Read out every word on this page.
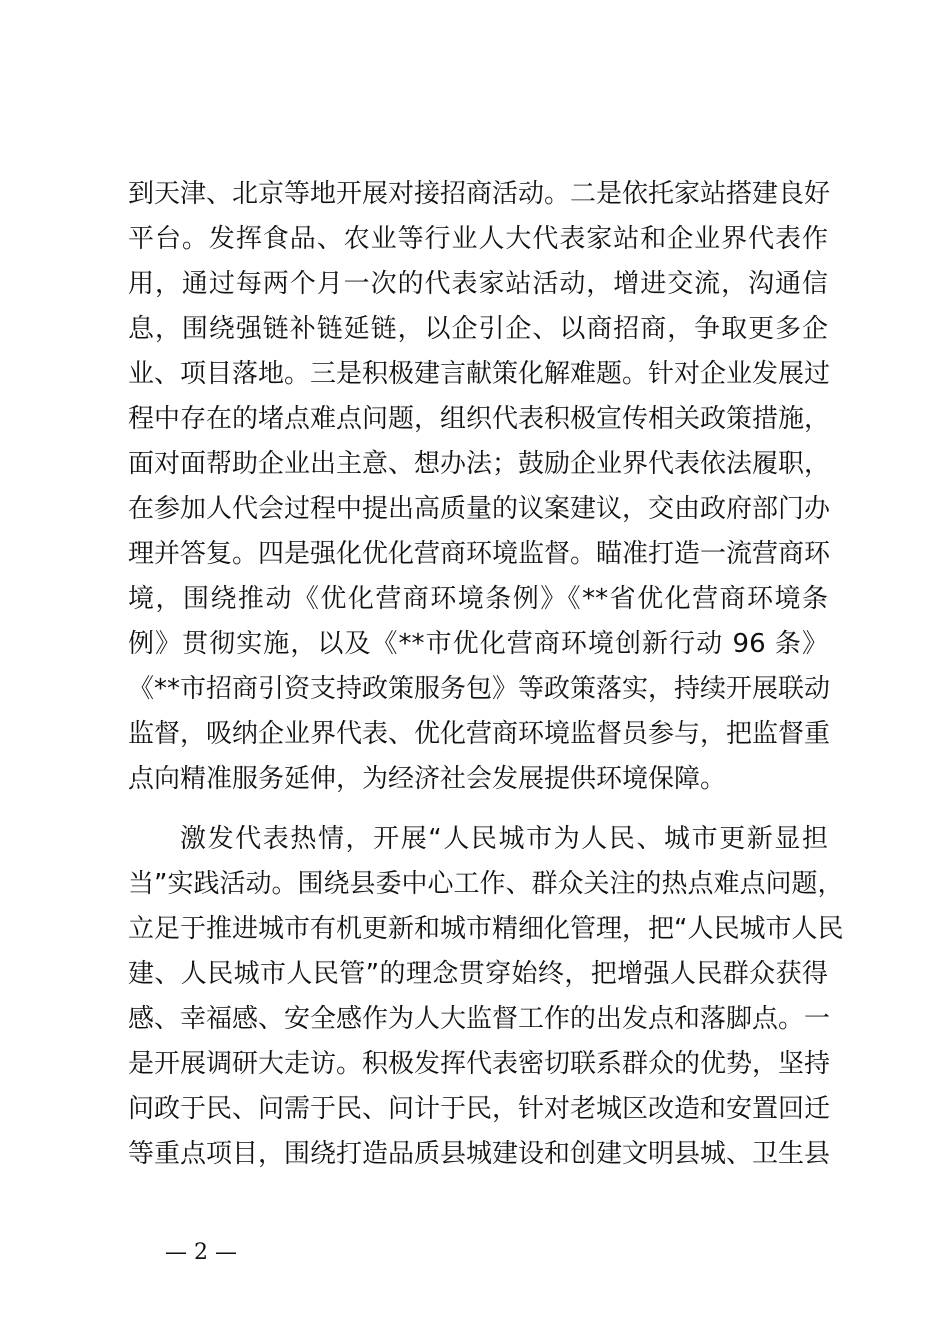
到天津、北京等地开展对接招商活动。二是依托家站搭建良好
平台。发挥食品、农业等行业人大代表家站和企业界代表作
用，通过每两个月一次的代表家站活动，增进交流，沟通信
息，围绕强链补链延链，以企引企、以商招商，争取更多企
业、项目落地。三是积极建言献策化解难题。针对企业发展过
程中存在的堵点难点问题，组织代表积极宣传相关政策措施，
面对面帮助企业出主意、想办法；鼓励企业界代表依法履职，
在参加人代会过程中提出高质量的议案建议，交由政府部门办
理并答复。四是强化优化营商环境监督。瞄准打造一流营商环
境，围绕推动《优化营商环境条例》《**省优化营商环境条
例》贯彻实施，以及《**市优化营商环境创新行动 96 条》
《**市招商引资支持政策服务包》等政策落实，持续开展联动
监督，吸纳企业界代表、优化营商环境监督员参与，把监督重
点向精准服务延伸，为经济社会发展提供环境保障。
激发代表热情，开展“人民城市为人民、城市更新显担
当”实践活动。围绕县委中心工作、群众关注的热点难点问题，
立足于推进城市有机更新和城市精细化管理，把“人民城市人民
建、人民城市人民管”的理念贯穿始终，把增强人民群众获得
感、幸福感、安全感作为人大监督工作的出发点和落脚点。一
是开展调研大走访。积极发挥代表密切联系群众的优势，坚持
问政于民、问需于民、问计于民，针对老城区改造和安置回迁
等重点项目，围绕打造品质县城建设和创建文明县城、卫生县
— 2 —
